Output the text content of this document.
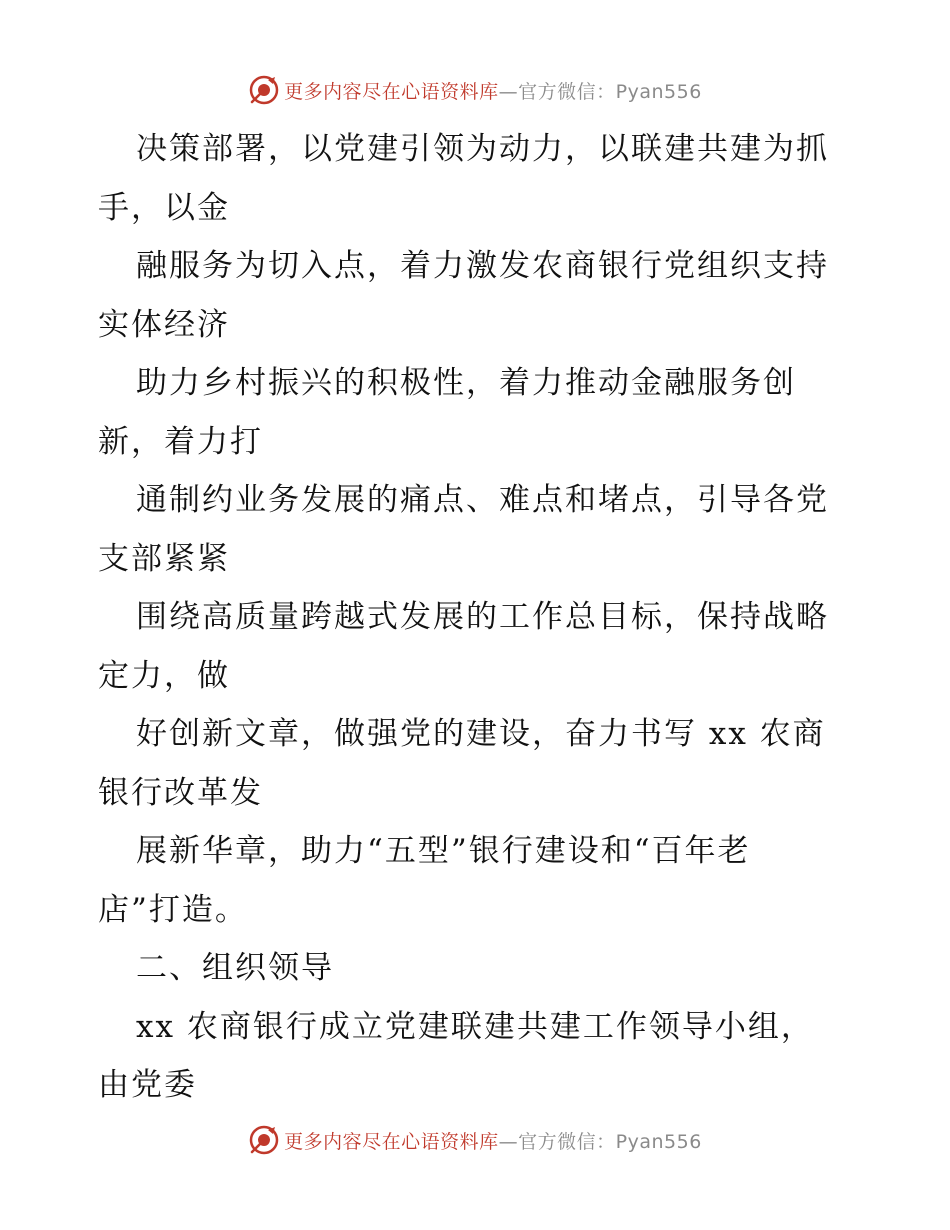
更多内容尽在心语资料库 —官方微信：Pyan556
决策部署，以党建引领为动力，以联建共建为抓
手，以金
融服务为切入点，着力激发农商银行党组织支持
实体经济
助力乡村振兴的积极性，着力推动金融服务创
新，着力打
通制约业务发展的痛点、难点和堵点，引导各党
支部紧紧
围绕高质量跨越式发展的工作总目标，保持战略
定力，做
好创新文章，做强党的建设，奋力书写 xx 农商
银行改革发
展新华章，助力“五型”银行建设和“百年老
店”打造。
二、组织领导
xx 农商银行成立党建联建共建工作领导小组，
由党委
更多内容尽在心语资料库 —官方微信：Pyan556
